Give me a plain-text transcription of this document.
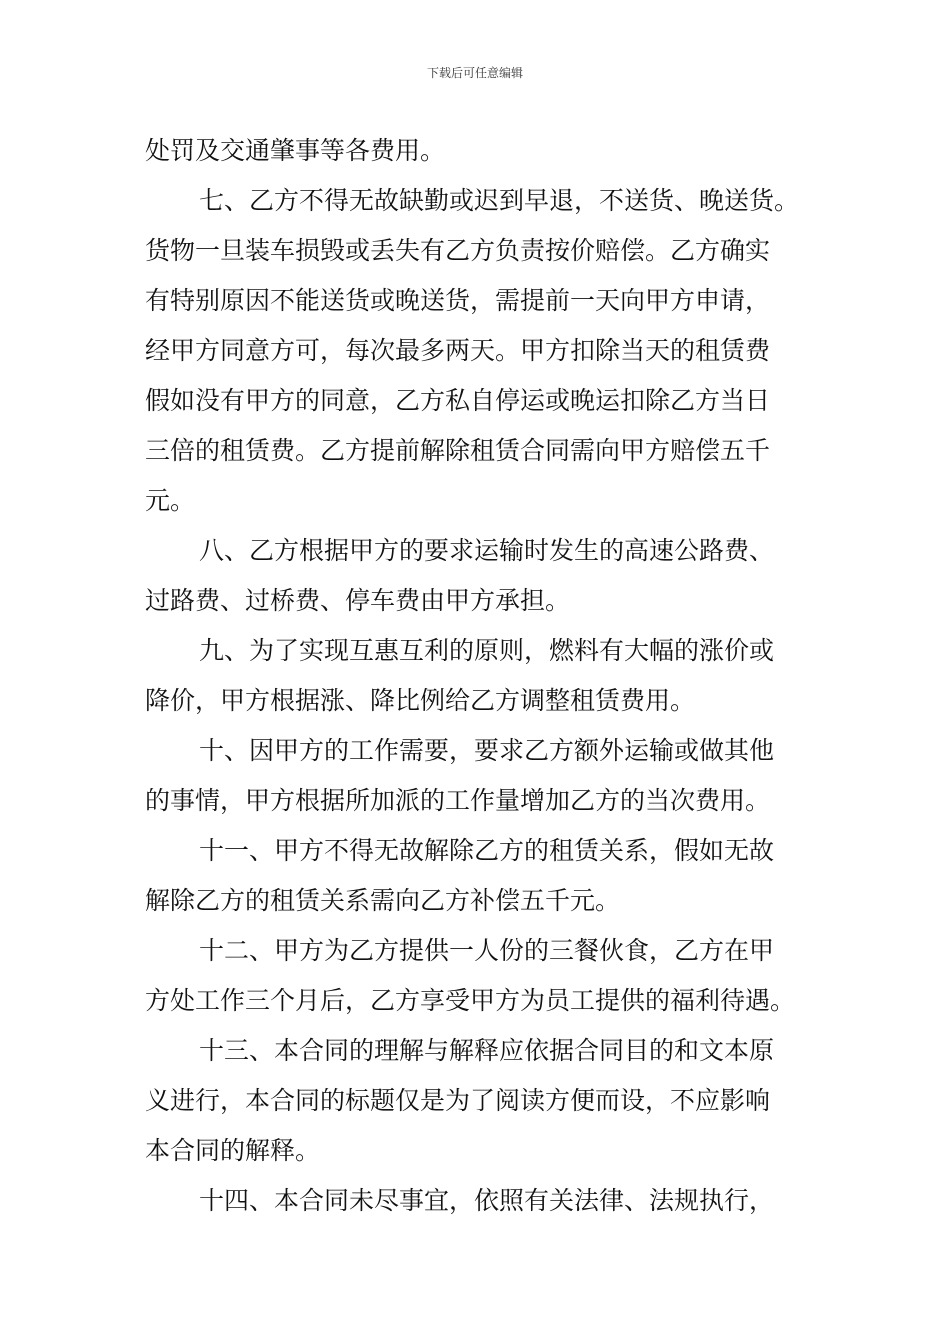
下载后可任意编辑
处罚及交通肇事等各费用。
七、乙方不得无故缺勤或迟到早退，不送货、晚送货。
货物一旦装车损毁或丢失有乙方负责按价赔偿。乙方确实
有特别原因不能送货或晚送货，需提前一天向甲方申请，
经甲方同意方可，每次最多两天。甲方扣除当天的租赁费
假如没有甲方的同意，乙方私自停运或晚运扣除乙方当日
三倍的租赁费。乙方提前解除租赁合同需向甲方赔偿五千
元。
八、乙方根据甲方的要求运输时发生的高速公路费、
过路费、过桥费、停车费由甲方承担。
九、为了实现互惠互利的原则，燃料有大幅的涨价或
降价，甲方根据涨、降比例给乙方调整租赁费用。
十、因甲方的工作需要，要求乙方额外运输或做其他
的事情，甲方根据所加派的工作量增加乙方的当次费用。
十一、甲方不得无故解除乙方的租赁关系，假如无故
解除乙方的租赁关系需向乙方补偿五千元。
十二、甲方为乙方提供一人份的三餐伙食，乙方在甲
方处工作三个月后，乙方享受甲方为员工提供的福利待遇。
十三、本合同的理解与解释应依据合同目的和文本原
义进行，本合同的标题仅是为了阅读方便而设，不应影响
本合同的解释。
十四、本合同未尽事宜，依照有关法律、法规执行，
